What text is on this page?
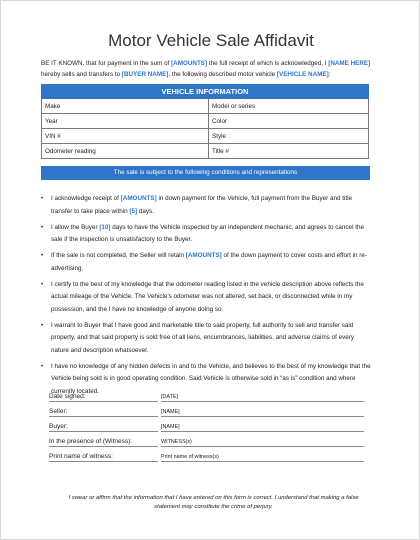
Motor Vehicle Sale Affidavit
BE IT KNOWN, that for payment in the sum of [AMOUNTS] the full receipt of which is acknowledged, I [NAME HERE] hereby sells and transfers to [BUYER NAME], the following described motor vehicle [VEHICLE NAME]:
VEHICLE INFORMATION	
Make	Model or series
Year	Color
VIN #	Style
Odometer reading	Title #
The sale is subject to the following conditions and representations
• I acknowledge receipt of [AMOUNTS] in down payment for the Vehicle, full payment from the Buyer and title transfer to take place within [5] days.
• I allow the Buyer [10] days to have the Vehicle inspected by an independent mechanic, and agrees to cancel the sale if the inspection is unsatisfactory to the Buyer.
• If the sale is not completed, the Seller will retain [AMOUNTS] of the down payment to cover costs and effort in re-advertising.
• I certify to the best of my knowledge that the odometer reading listed in the vehicle description above reflects the actual mileage of the Vehicle. The Vehicle's odometer was not altered, set back, or disconnected while in my possession, and the I have no knowledge of anyone doing so.
• I warrant to Buyer that I have good and marketable title to said property, full authority to sell and transfer said property, and that said property is sold free of all liens, encumbrances, liabilities, and adverse claims of every nature and description whatsoever.
• I have no knowledge of any hidden defects in and to the Vehicle, and believes to the best of my knowledge that the Vehicle being sold is in good operating condition. Said Vehicle is otherwise sold in “as is” condition and where currently located.
Date signed:		[DATE]
Seller:		[NAME]
Buyer:		[NAME]
In the presence of (Witness):		WITNESS(s)
Print name of witness:		Print name of witness(s)
I swear or affirm that the information that I have entered on this form is correct. I understand that making a false statement may constitute the crime of perjury.
